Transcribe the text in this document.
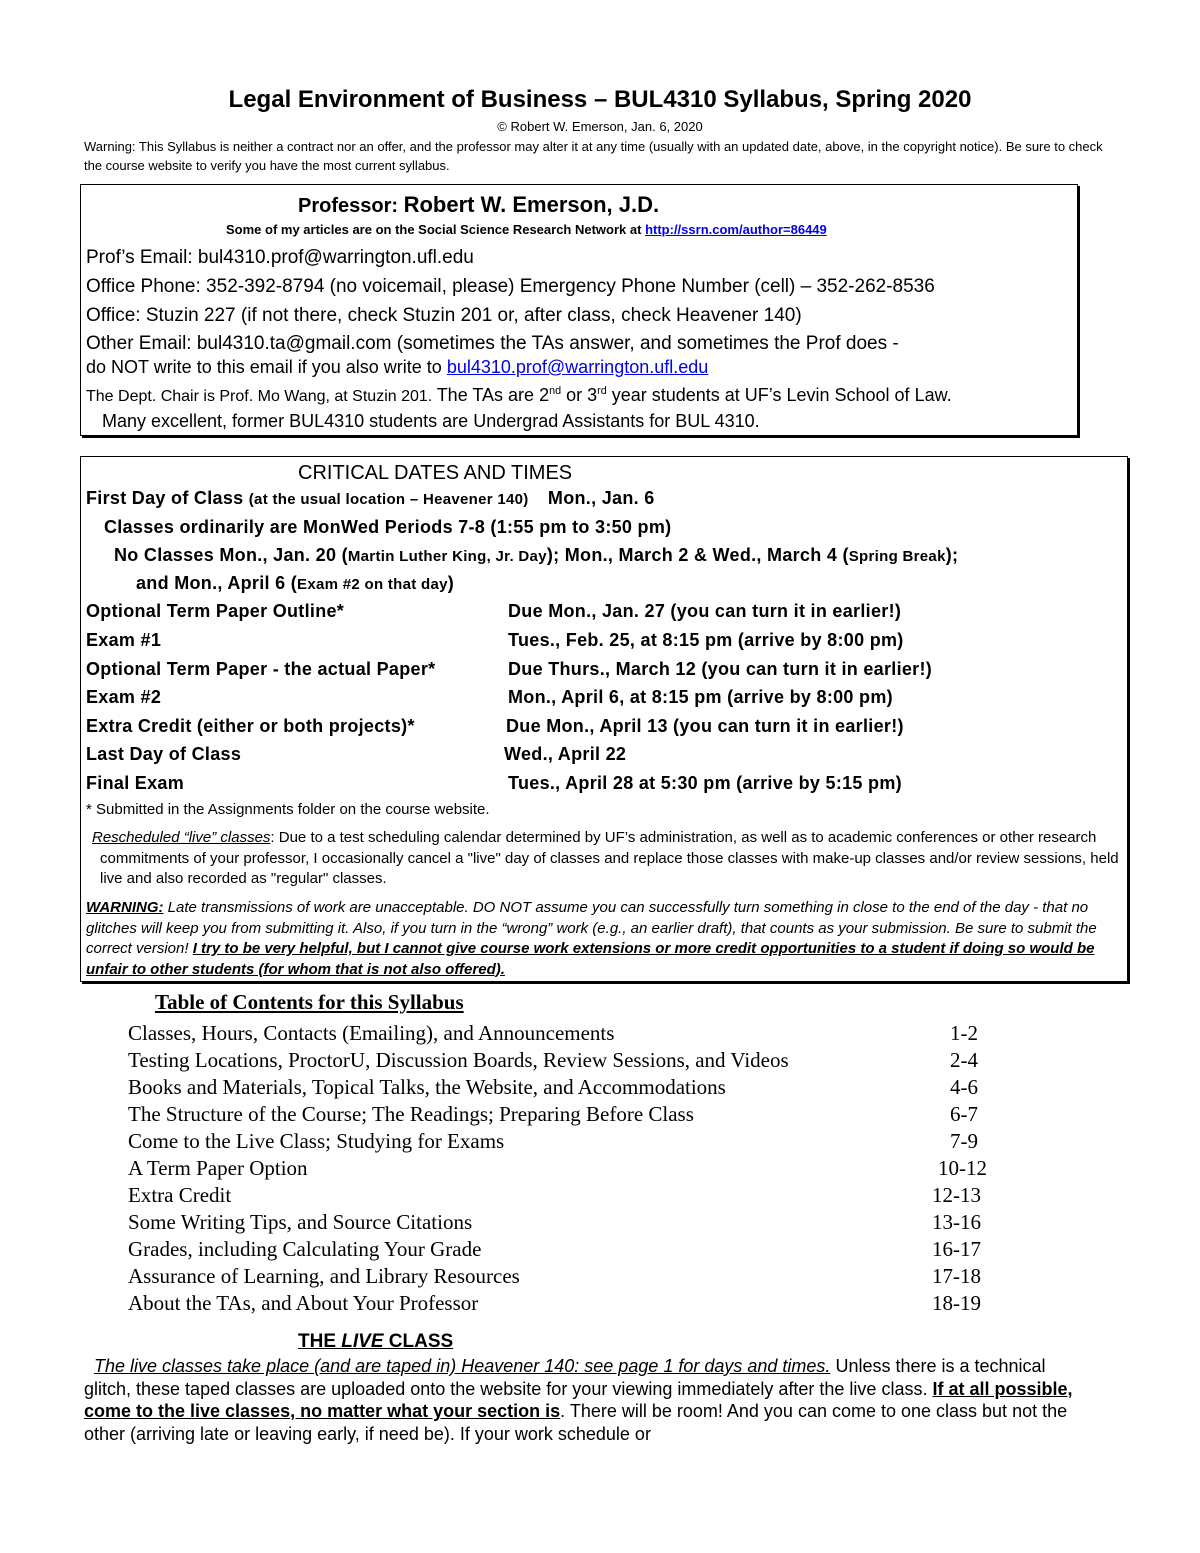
Legal Environment of Business – BUL4310 Syllabus, Spring 2020
© Robert W. Emerson, Jan. 6, 2020
Warning: This Syllabus is neither a contract nor an offer, and the professor may alter it at any time (usually with an updated date, above, in the copyright notice). Be sure to check the course website to verify you have the most current syllabus.
Professor: Robert W. Emerson, J.D.
Some of my articles are on the Social Science Research Network at http://ssrn.com/author=86449
Prof’s Email: bul4310.prof@warrington.ufl.edu
Office Phone: 352-392-8794 (no voicemail, please) Emergency Phone Number (cell) – 352-262-8536
Office: Stuzin 227 (if not there, check Stuzin 201 or, after class, check Heavener 140)
Other Email: bul4310.ta@gmail.com (sometimes the TAs answer, and sometimes the Prof does -
do NOT write to this email if you also write to bul4310.prof@warrington.ufl.edu
The Dept. Chair is Prof. Mo Wang, at Stuzin 201. The TAs are 2nd or 3rd year students at UF’s Levin School of Law.
Many excellent, former BUL4310 students are Undergrad Assistants for BUL 4310.
CRITICAL DATES AND TIMES
First Day of Class (at the usual location – Heavener 140) Mon., Jan. 6
Classes ordinarily are MonWed Periods 7-8 (1:55 pm to 3:50 pm)
No Classes Mon., Jan. 20 (Martin Luther King, Jr. Day); Mon., March 2 & Wed., March 4 (Spring Break);
and Mon., April 6 (Exam #2 on that day)
Optional Term Paper Outline*	Due Mon., Jan. 27 (you can turn it in earlier!)
Exam #1	Tues., Feb. 25, at 8:15 pm (arrive by 8:00 pm)
Optional Term Paper - the actual Paper*	Due Thurs., March 12 (you can turn it in earlier!)
Exam #2	Mon., April 6, at 8:15 pm (arrive by 8:00 pm)
Extra Credit (either or both projects)*	Due Mon., April 13 (you can turn it in earlier!)
Last Day of Class	Wed., April 22
Final Exam	Tues., April 28 at 5:30 pm (arrive by 5:15 pm)
* Submitted in the Assignments folder on the course website.
Rescheduled “live” classes: Due to a test scheduling calendar determined by UF’s administration, as well as to academic conferences or other research commitments of your professor, I occasionally cancel a "live" day of classes and replace those classes with make-up classes and/or review sessions, held live and also recorded as "regular" classes.
WARNING: Late transmissions of work are unacceptable. DO NOT assume you can successfully turn something in close to the end of the day - that no glitches will keep you from submitting it. Also, if you turn in the “wrong” work (e.g., an earlier draft), that counts as your submission. Be sure to submit the correct version! I try to be very helpful, but I cannot give course work extensions or more credit opportunities to a student if doing so would be unfair to other students (for whom that is not also offered).
Table of Contents for this Syllabus
Classes, Hours, Contacts (Emailing), and Announcements	1-2
Testing Locations, ProctorU, Discussion Boards, Review Sessions, and Videos	2-4
Books and Materials, Topical Talks, the Website, and Accommodations	4-6
The Structure of the Course; The Readings; Preparing Before Class	6-7
Come to the Live Class; Studying for Exams	7-9
A Term Paper Option	10-12
Extra Credit	12-13
Some Writing Tips, and Source Citations	13-16
Grades, including Calculating Your Grade	16-17
Assurance of Learning, and Library Resources	17-18
About the TAs, and About Your Professor	18-19
THE LIVE CLASS
The live classes take place (and are taped in) Heavener 140: see page 1 for days and times. Unless there is a technical glitch, these taped classes are uploaded onto the website for your viewing immediately after the live class. If at all possible, come to the live classes, no matter what your section is. There will be room! And you can come to one class but not the other (arriving late or leaving early, if need be). If your work schedule or
